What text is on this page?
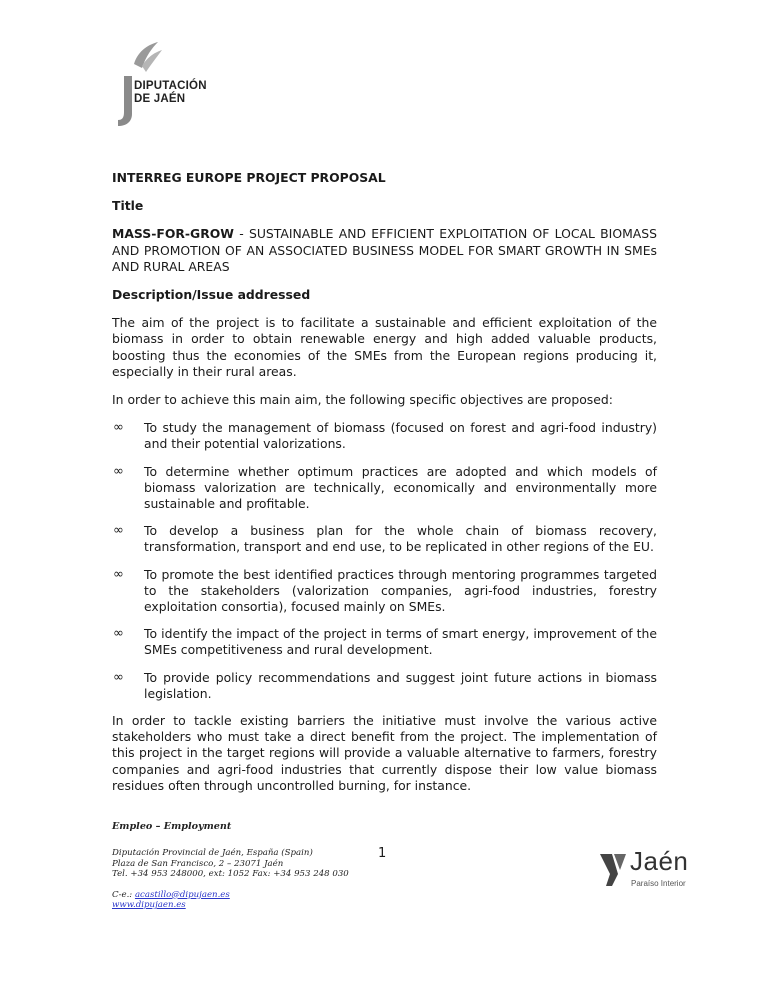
DIPUTACIÓN
DE JAÉN

INTERREG EUROPE PROJECT PROPOSAL

Title

MASS-FOR-GROW - SUSTAINABLE AND EFFICIENT EXPLOITATION OF LOCAL BIOMASS AND PROMOTION OF AN ASSOCIATED BUSINESS MODEL FOR SMART GROWTH IN SMEs AND RURAL AREAS

Description/Issue addressed

The aim of the project is to facilitate a sustainable and efficient exploitation of the biomass in order to obtain renewable energy and high added valuable products, boosting thus the economies of the SMEs from the European regions producing it, especially in their rural areas.

In order to achieve this main aim, the following specific objectives are proposed:

∞ To study the management of biomass (focused on forest and agri-food industry) and their potential valorizations.
∞ To determine whether optimum practices are adopted and which models of biomass valorization are technically, economically and environmentally more sustainable and profitable.
∞ To develop a business plan for the whole chain of biomass recovery, transformation, transport and end use, to be replicated in other regions of the EU.
∞ To promote the best identified practices through mentoring programmes targeted to the stakeholders (valorization companies, agri-food industries, forestry exploitation consortia), focused mainly on SMEs.
∞ To identify the impact of the project in terms of smart energy, improvement of the SMEs competitiveness and rural development.
∞ To provide policy recommendations and suggest joint future actions in biomass legislation.

In order to tackle existing barriers the initiative must involve the various active stakeholders who must take a direct benefit from the project. The implementation of this project in the target regions will provide a valuable alternative to farmers, forestry companies and agri-food industries that currently dispose their low value biomass residues often through uncontrolled burning, for instance.

Empleo – Employment
Diputación Provincial de Jaén, España (Spain)
Plaza de San Francisco, 2 – 23071 Jaén
Tel. +34 953 248000, ext: 1052 Fax: +34 953 248 030
C-e.: acastillo@dipujaen.es
www.dipujaen.es
1	Jaén
Paraíso Interior
